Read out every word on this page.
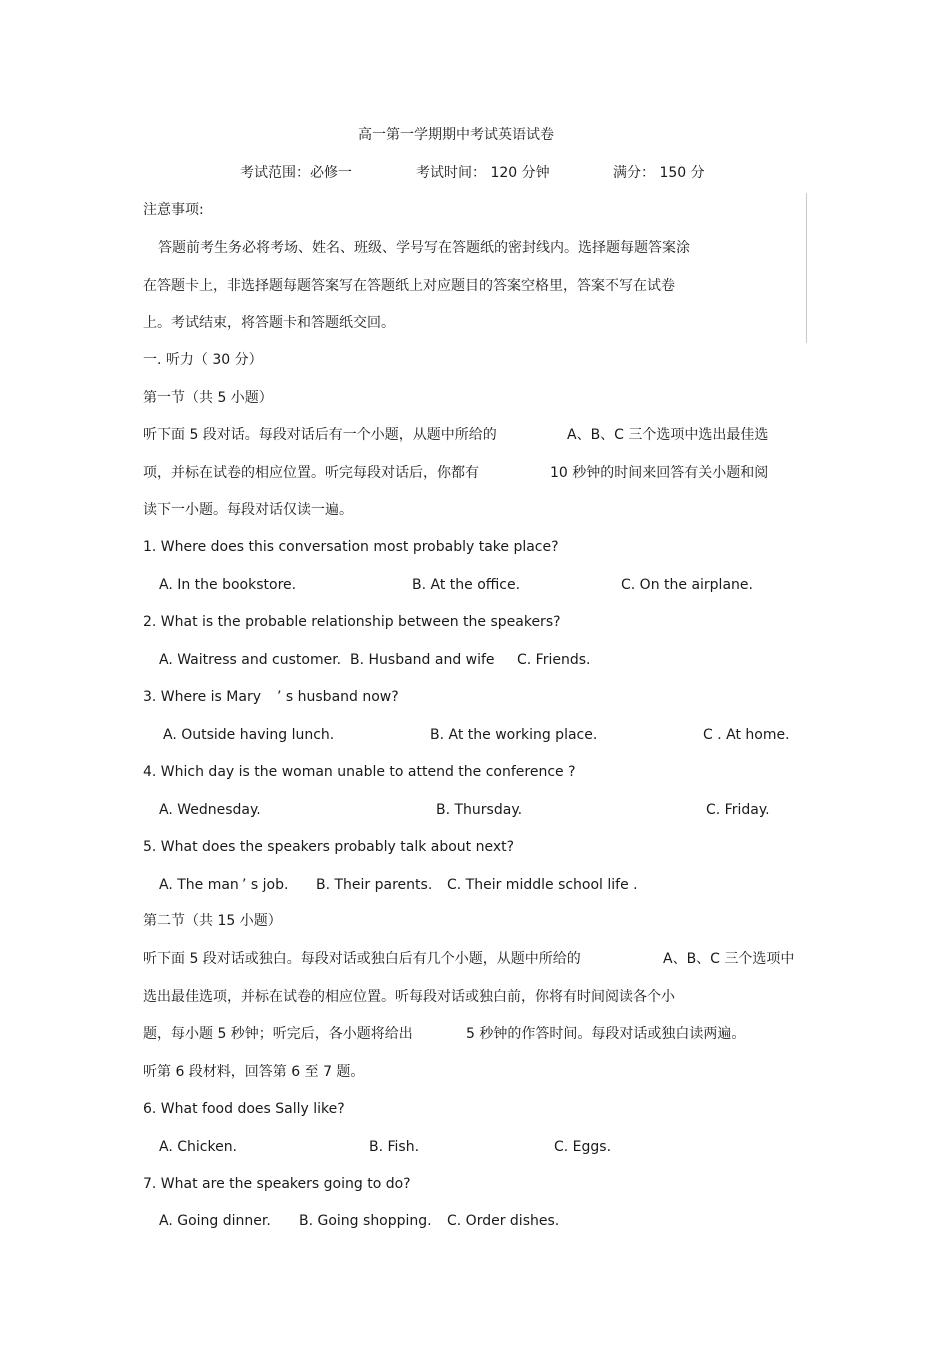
高一第一学期期中考试英语试卷
考试范围：必修一	考试时间： 120 分钟	满分： 150 分
注意事项:
答题前考生务必将考场、姓名、班级、学号写在答题纸的密封线内。选择题每题答案涂
在答题卡上，非选择题每题答案写在答题纸上对应题目的答案空格里，答案不写在试卷
上。考试结束，将答题卡和答题纸交回。
一. 听力（ 30 分）
第一节（共 5 小题）
听下面 5 段对话。每段对话后有一个小题，从题中所给的	A、B、C 三个选项中选出最佳选
项，并标在试卷的相应位置。听完每段对话后，你都有	10 秒钟的时间来回答有关小题和阅
读下一小题。每段对话仅读一遍。
1. Where does this conversation most probably take place?
A. In the bookstore.	B. At the office.	C. On the airplane.
2. What is the probable relationship between the speakers?
A. Waitress and customer. B. Husband and wife C. Friends.
3. Where is Mary ’ s husband now?
A. Outside having lunch.	B. At the working place.	C . At home.
4. Which day is the woman unable to attend the conference ?
A. Wednesday.	B. Thursday.	C. Friday.
5. What does the speakers probably talk about next?
A. The man ’ s job. B. Their parents. C. Their middle school life .
第二节（共 15 小题）
听下面 5 段对话或独白。每段对话或独白后有几个小题，从题中所给的	A、B、C 三个选项中
选出最佳选项，并标在试卷的相应位置。听每段对话或独白前，你将有时间阅读各个小
题，每小题 5 秒钟；听完后，各小题将给出	5 秒钟的作答时间。每段对话或独白读两遍。
听第 6 段材料，回答第 6 至 7 题。
6. What food does Sally like?
A. Chicken.	B. Fish.	C. Eggs.
7. What are the speakers going to do?
A. Going dinner. B. Going shopping. C. Order dishes.
